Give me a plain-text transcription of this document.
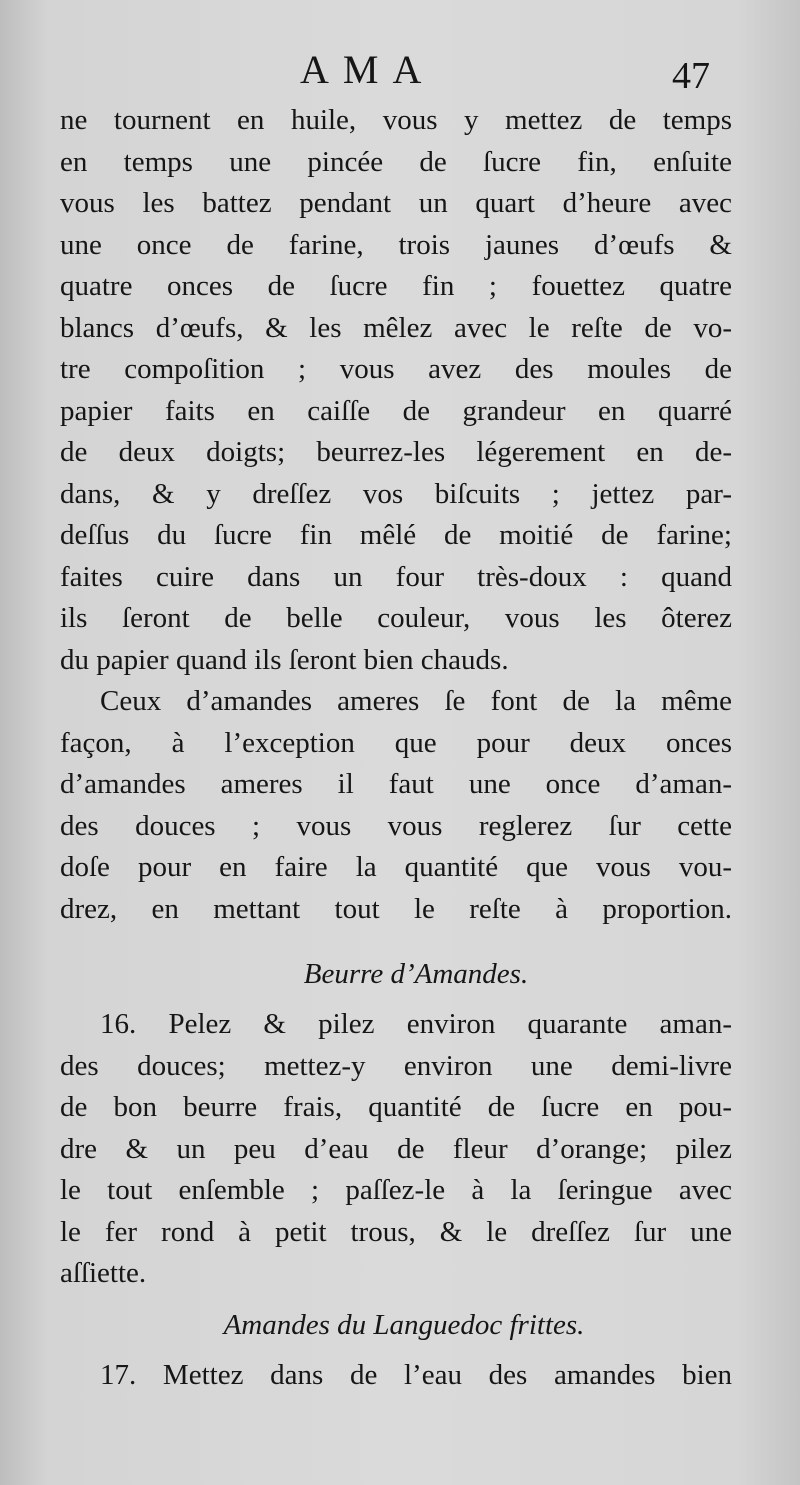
AMA	47
ne tournent en huile, vous y mettez de temps
en temps une pincée de ſucre fin, enſuite
vous les battez pendant un quart d’heure avec
une once de farine, trois jaunes d’œufs &
quatre onces de ſucre fin ; fouettez quatre
blancs d’œufs, & les mêlez avec le reſte de vo-
tre compoſition ; vous avez des moules de
papier faits en caiſſe de grandeur en quarré
de deux doigts; beurrez-les légerement en de-
dans, & y dreſſez vos biſcuits ; jettez par-
deſſus du ſucre fin mêlé de moitié de farine;
faites cuire dans un four très-doux : quand
ils ſeront de belle couleur, vous les ôterez
du papier quand ils ſeront bien chauds.
Ceux d’amandes ameres ſe font de la même
façon, à l’exception que pour deux onces
d’amandes ameres il faut une once d’aman-
des douces ; vous vous reglerez ſur cette
doſe pour en faire la quantité que vous vou-
drez, en mettant tout le reſte à proportion.
Beurre d’Amandes.
16. Pelez & pilez environ quarante aman-
des douces; mettez-y environ une demi-livre
de bon beurre frais, quantité de ſucre en pou-
dre & un peu d’eau de fleur d’orange; pilez
le tout enſemble ; paſſez-le à la ſeringue avec
le fer rond à petit trous, & le dreſſez ſur une
aſſiette.
Amandes du Languedoc frittes.
17. Mettez dans de l’eau des amandes bien
